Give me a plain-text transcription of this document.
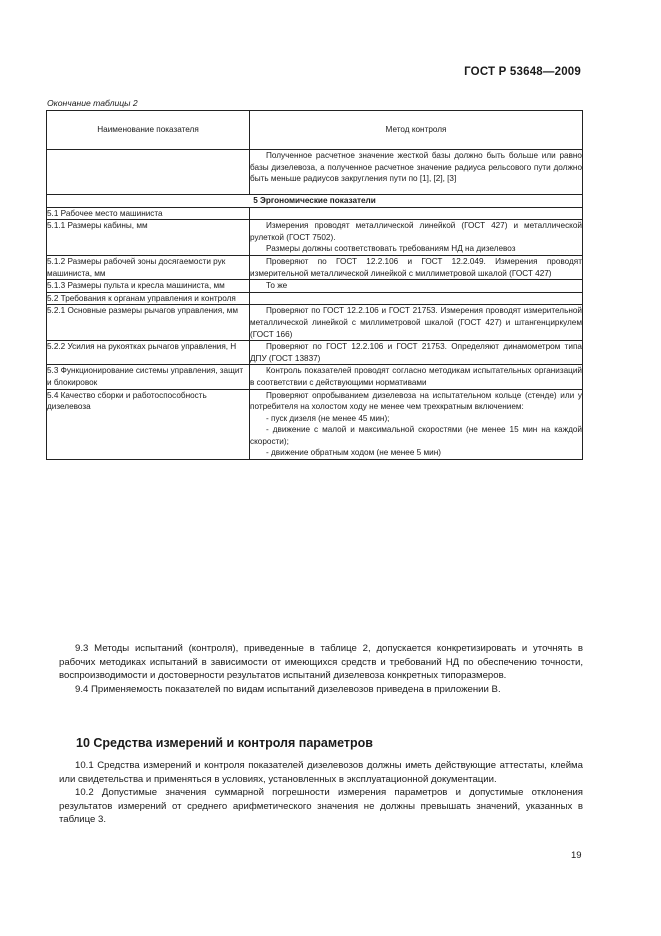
ГОСТ Р 53648—2009
Окончание таблицы 2
Наименование показателя	Метод контроля
	Полученное расчетное значение жесткой базы должно быть больше или равно базы дизелевоза, а полученное расчетное значение радиуса рельсового пути должно быть меньше радиусов закругления пути по [1], [2], [3]
5 Эргономические показатели	
5.1 Рабочее место машиниста	
5.1.1 Размеры кабины, мм	Измерения проводят металлической линейкой (ГОСТ 427) и металлической рулеткой (ГОСТ 7502).
Размеры должны соответствовать требованиям НД на дизелевоз

5.1.2 Размеры рабочей зоны досягаемости рук машиниста, мм	Проверяют по ГОСТ 12.2.106 и ГОСТ 12.2.049. Измерения проводят измерительной металлической линейкой с миллиметровой шкалой (ГОСТ 427)
5.1.3 Размеры пульта и кресла машиниста, мм	То же
5.2 Требования к органам управления и контроля	
5.2.1 Основные размеры рычагов управления, мм	Проверяют по ГОСТ 12.2.106 и ГОСТ 21753. Измерения проводят измерительной металлической линейкой с миллиметровой шкалой (ГОСТ 427) и штангенциркулем (ГОСТ 166)
5.2.2 Усилия на рукоятках рычагов управления, Н	Проверяют по ГОСТ 12.2.106 и ГОСТ 21753. Определяют динамометром типа ДПУ (ГОСТ 13837)
5.3 Функционирование системы управления, защит и блокировок	Контроль показателей проводят согласно методикам испытательных организаций в соответствии с действующими нормативами
5.4 Качество сборки и работоспособность дизелевоза	Проверяют опробыванием дизелевоза на испытательном кольце (стенде) или у потребителя на холостом ходу не менее чем трехкратным включением:
- пуск дизеля (не менее 45 мин);
- движение с малой и максимальной скоростями (не менее 15 мин на каждой скорости);
- движение обратным ходом (не менее 5 мин)

9.3 Методы испытаний (контроля), приведенные в таблице 2, допускается конкретизировать и уточнять в рабочих методиках испытаний в зависимости от имеющихся средств и требований НД по обеспечению точности, воспроизводимости и достоверности результатов испытаний дизелевоза конкретных типоразмеров.

9.4 Применяемость показателей по видам испытаний дизелевозов приведена в приложении В.

10 Средства измерений и контроля параметров

10.1 Средства измерений и контроля показателей дизелевозов должны иметь действующие аттестаты, клейма или свидетельства и применяться в условиях, установленных в эксплуатационной документации.

10.2 Допустимые значения суммарной погрешности измерения параметров и допустимые отклонения результатов измерений от среднего арифметического значения не должны превышать значений, указанных в таблице 3.

19
